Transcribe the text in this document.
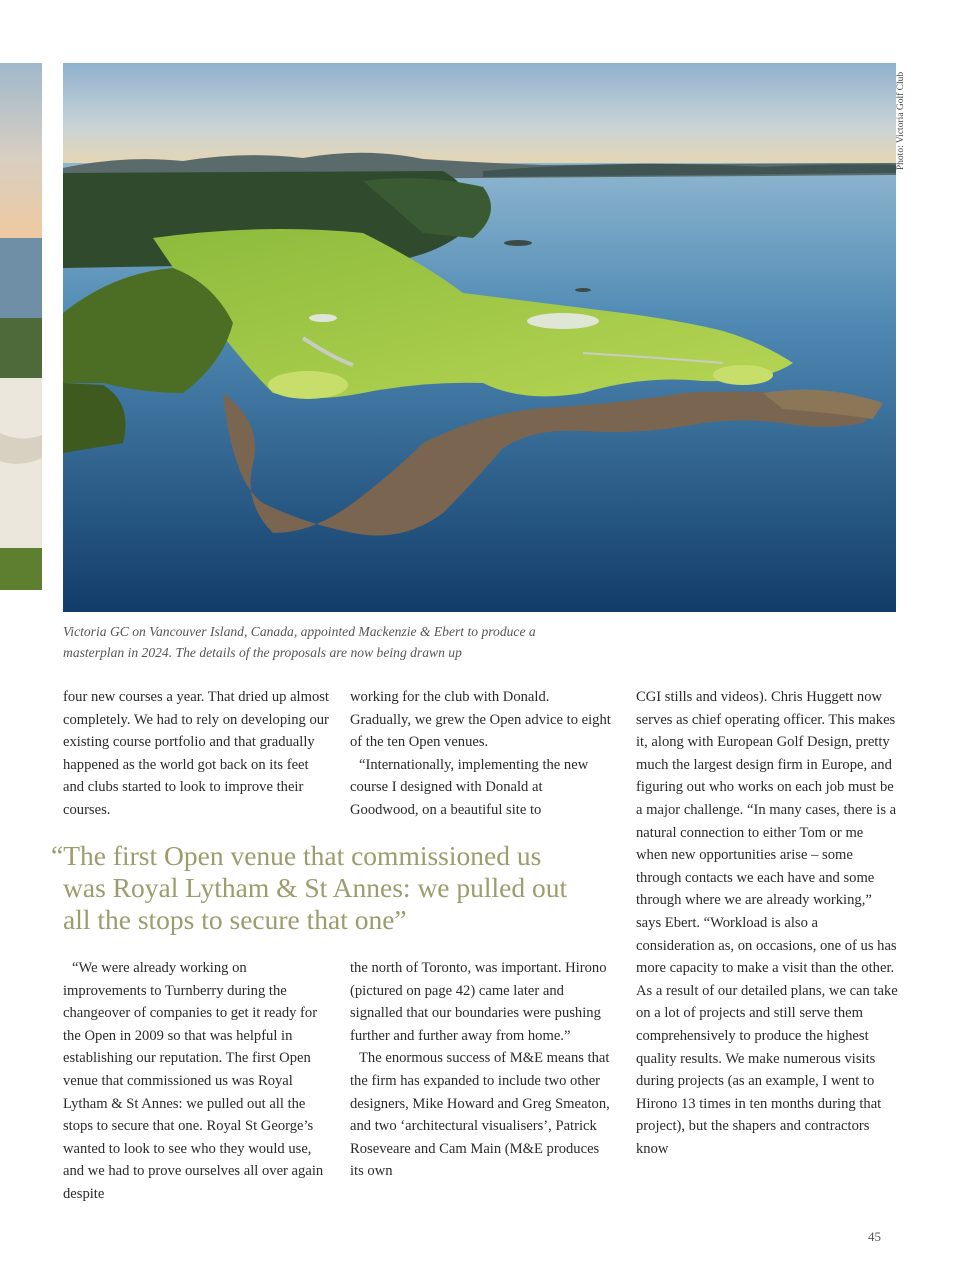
Photo: Victoria Golf Club
Victoria GC on Vancouver Island, Canada, appointed Mackenzie & Ebert to produce a
masterplan in 2024. The details of the proposals are now being drawn up

four new courses a year. That dried up almost completely. We had to rely on developing our existing course portfolio and that gradually happened as the world got back on its feet and clubs started to look to improve their courses.

working for the club with Donald. Gradually, we grew the Open advice to eight of the ten Open venues.

“Internationally, implementing the new course I designed with Donald at Goodwood, on a beautiful site to

“The first Open venue that commissioned us
was Royal Lytham & St Annes: we pulled out
all the stops to secure that one”

“We were already working on improvements to Turnberry during the changeover of companies to get it ready for the Open in 2009 so that was helpful in establishing our reputation. The first Open venue that commissioned us was Royal Lytham & St Annes: we pulled out all the stops to secure that one. Royal St George’s wanted to look to see who they would use, and we had to prove ourselves all over again despite

the north of Toronto, was important. Hirono (pictured on page 42) came later and signalled that our boundaries were pushing further and further away from home.”

The enormous success of M&E means that the firm has expanded to include two other designers, Mike Howard and Greg Smeaton, and two ‘architectural visualisers’, Patrick Roseveare and Cam Main (M&E produces its own

CGI stills and videos). Chris Huggett now serves as chief operating officer. This makes it, along with European Golf Design, pretty much the largest design firm in Europe, and figuring out who works on each job must be a major challenge. “In many cases, there is a natural connection to either Tom or me when new opportunities arise – some through contacts we each have and some through where we are already working,” says Ebert. “Workload is also a consideration as, on occasions, one of us has more capacity to make a visit than the other. As a result of our detailed plans, we can take on a lot of projects and still serve them comprehensively to produce the highest quality results. We make numerous visits during projects (as an example, I went to Hirono 13 times in ten months during that project), but the shapers and contractors know

45
